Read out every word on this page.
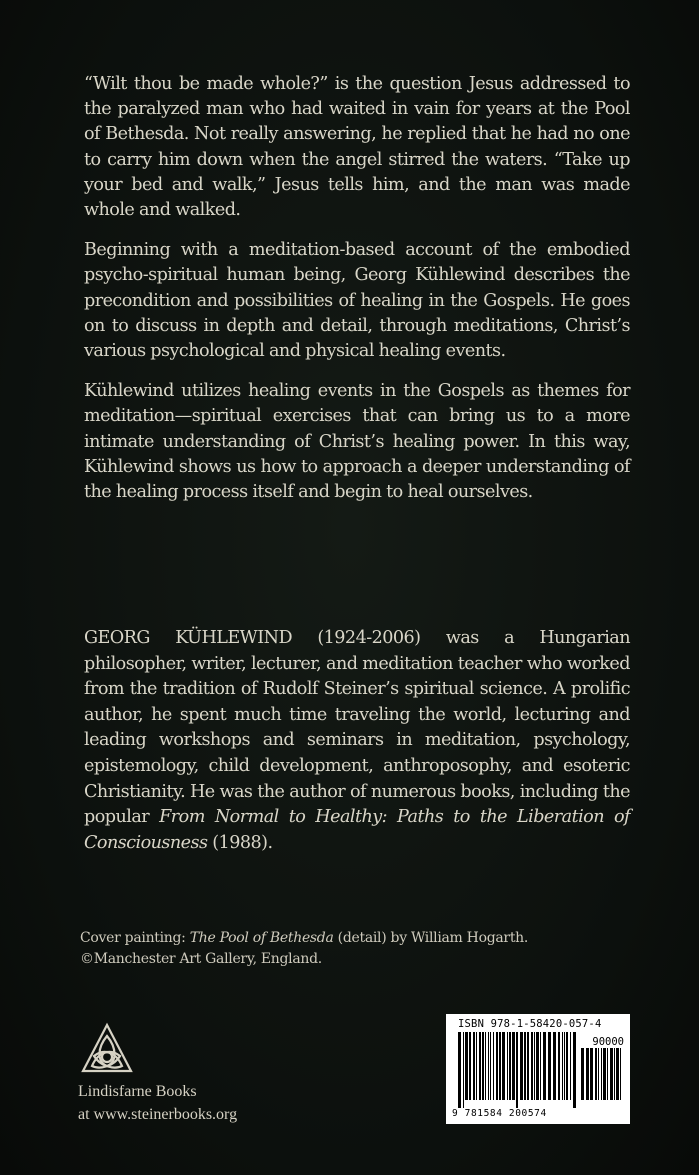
“Wilt thou be made whole?” is the question Jesus addressed to the paralyzed man who had waited in vain for years at the Pool of Bethesda. Not really answering, he replied that he had no one to carry him down when the angel stirred the waters. “Take up your bed and walk,” Jesus tells him, and the man was made whole and walked.

Beginning with a meditation-based account of the embodied psycho-spiritual human being, Georg Kühlewind describes the precondition and possibilities of healing in the Gospels. He goes on to discuss in depth and detail, through meditations, Christ’s various psychological and physical healing events.

Kühlewind utilizes healing events in the Gospels as themes for meditation—spiritual exercises that can bring us to a more intimate understanding of Christ’s healing power. In this way, Kühlewind shows us how to approach a deeper understanding of the healing process itself and begin to heal ourselves.

GEORG KÜHLEWIND (1924-2006) was a Hungarian philosopher, writer, lecturer, and meditation teacher who worked from the tradition of Rudolf Steiner’s spiritual science. A prolific author, he spent much time traveling the world, lecturing and leading workshops and seminars in meditation, psychology, epistemology, child development, anthroposophy, and esoteric Christianity. He was the author of numerous books, including the popular From Normal to Healthy: Paths to the Liberation of Consciousness (1988).

Cover painting: The Pool of Bethesda (detail) by William Hogarth.

©Manchester Art Gallery, England.

Lindisfarne Books
at www.steinerbooks.org
ISBN 978-1-58420-057-4
90000
9 781584 200574
